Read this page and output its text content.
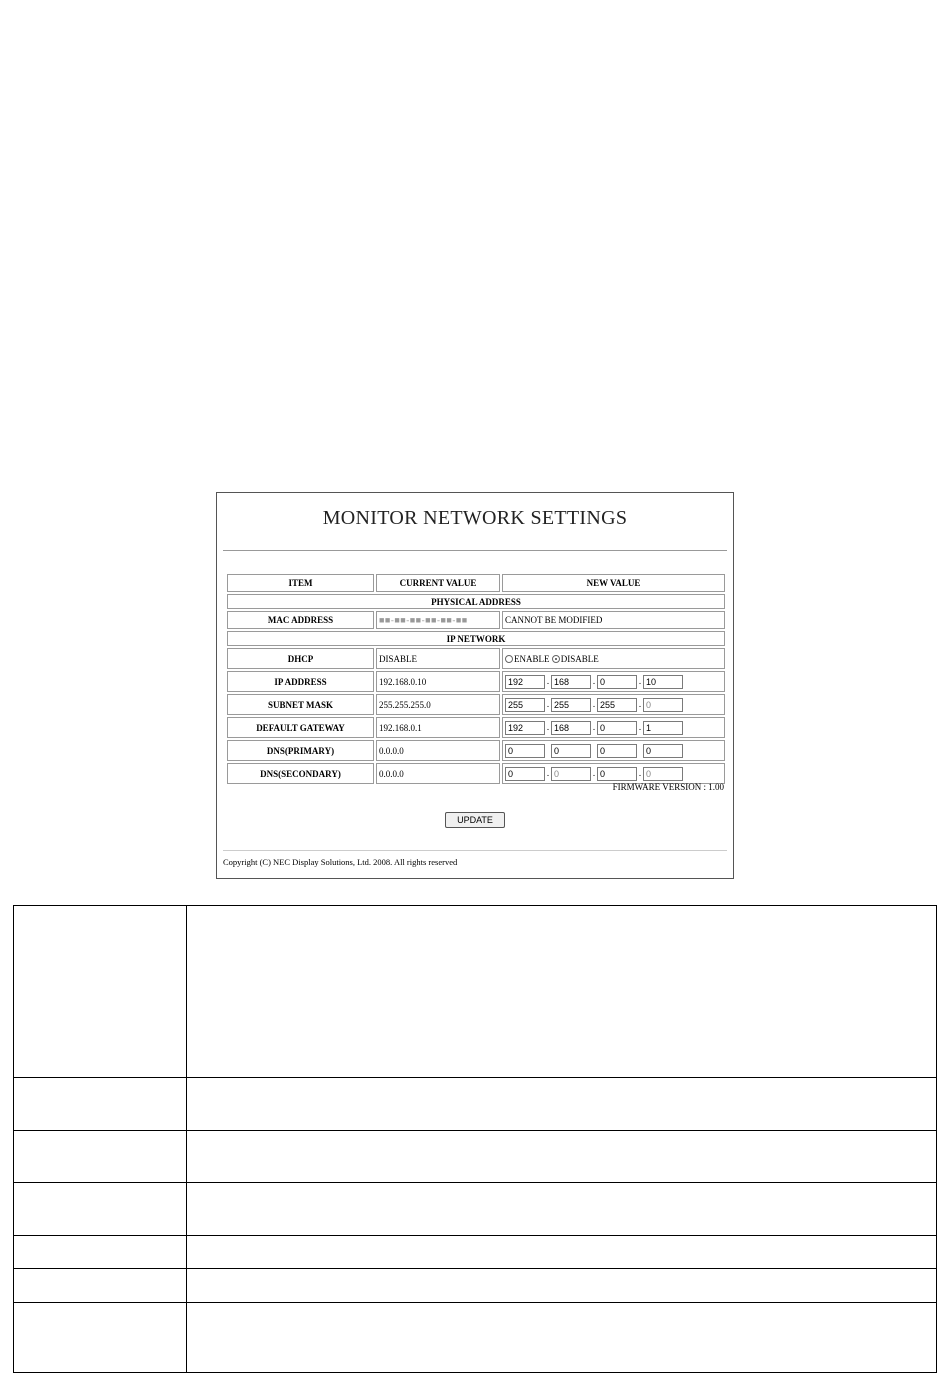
MONITOR NETWORK SETTINGS
ITEM	CURRENT VALUE	NEW VALUE
PHYSICAL ADDRESS		
MAC ADDRESS	■■-■■-■■-■■-■■-■■	CANNOT BE MODIFIED
IP NETWORK		
DHCP	DISABLE	ENABLE DISABLE
IP ADDRESS	192.168.0.10	192 . 168 . 0 . 10
SUBNET MASK	255.255.255.0	255 . 255 . 255 . 0
DEFAULT GATEWAY	192.168.0.1	192 . 168 . 0 . 1
DNS(PRIMARY)	0.0.0.0	0 0 0 0
DNS(SECONDARY)	0.0.0.0	0 . 0 . 0 . 0
FIRMWARE VERSION : 1.00
UPDATE
Copyright (C) NEC Display Solutions, Ltd. 2008. All rights reserved
